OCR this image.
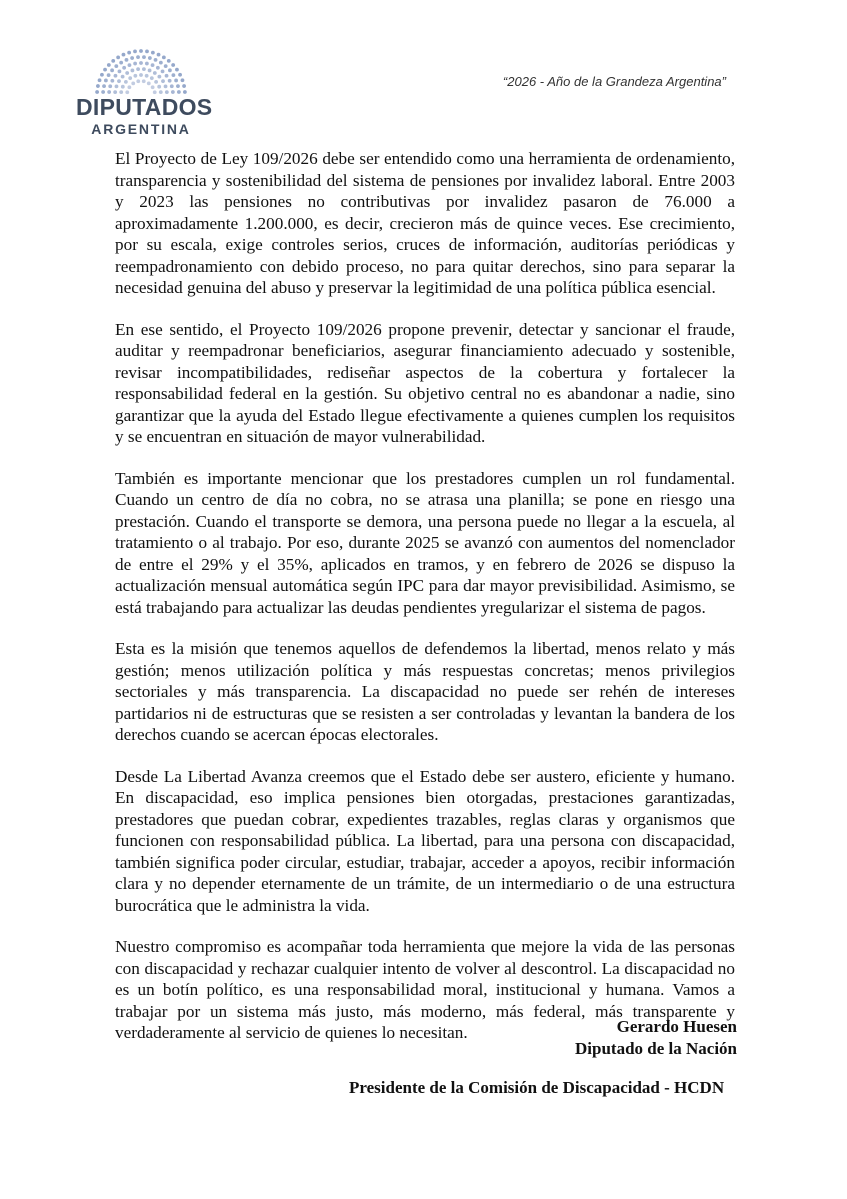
DIPUTADOS
ARGENTINA
“2026 - Año de la Grandeza Argentina”

El Proyecto de Ley 109/2026 debe ser entendido como una herramienta de ordenamiento, transparencia y sostenibilidad del sistema de pensiones por invalidez laboral. Entre 2003 y 2023 las pensiones no contributivas por invalidez pasaron de 76.000 a aproximadamente 1.200.000, es decir, crecieron más de quince veces. Ese crecimiento, por su escala, exige controles serios, cruces de información, auditorías periódicas y reempadronamiento con debido proceso, no para quitar derechos, sino para separar la necesidad genuina del abuso y preservar la legitimidad de una política pública esencial.

En ese sentido, el Proyecto 109/2026 propone prevenir, detectar y sancionar el fraude, auditar y reempadronar beneficiarios, asegurar financiamiento adecuado y sostenible, revisar incompatibilidades, rediseñar aspectos de la cobertura y fortalecer la responsabilidad federal en la gestión. Su objetivo central no es abandonar a nadie, sino garantizar que la ayuda del Estado llegue efectivamente a quienes cumplen los requisitos y se encuentran en situación de mayor vulnerabilidad.

También es importante mencionar que los prestadores cumplen un rol fundamental. Cuando un centro de día no cobra, no se atrasa una planilla; se pone en riesgo una prestación. Cuando el transporte se demora, una persona puede no llegar a la escuela, al tratamiento o al trabajo. Por eso, durante 2025 se avanzó con aumentos del nomenclador de entre el 29% y el 35%, aplicados en tramos, y en febrero de 2026 se dispuso la actualización mensual automática según IPC para dar mayor previsibilidad. Asimismo, se está trabajando para actualizar las deudas pendientes yregularizar el sistema de pagos.

Esta es la misión que tenemos aquellos de defendemos la libertad, menos relato y más gestión; menos utilización política y más respuestas concretas; menos privilegios sectoriales y más transparencia. La discapacidad no puede ser rehén de intereses partidarios ni de estructuras que se resisten a ser controladas y levantan la bandera de los derechos cuando se acercan épocas electorales.

Desde La Libertad Avanza creemos que el Estado debe ser austero, eficiente y humano. En discapacidad, eso implica pensiones bien otorgadas, prestaciones garantizadas, prestadores que puedan cobrar, expedientes trazables, reglas claras y organismos que funcionen con responsabilidad pública. La libertad, para una persona con discapacidad, también significa poder circular, estudiar, trabajar, acceder a apoyos, recibir información clara y no depender eternamente de un trámite, de un intermediario o de una estructura burocrática que le administra la vida.

Nuestro compromiso es acompañar toda herramienta que mejore la vida de las personas con discapacidad y rechazar cualquier intento de volver al descontrol. La discapacidad no es un botín político, es una responsabilidad moral, institucional y humana. Vamos a trabajar por un sistema más justo, más moderno, más federal, más transparente y verdaderamente al servicio de quienes lo necesitan.	Gerardo Huesen
Diputado de la Nación
Presidente de la Comisión de Discapacidad - HCDN
